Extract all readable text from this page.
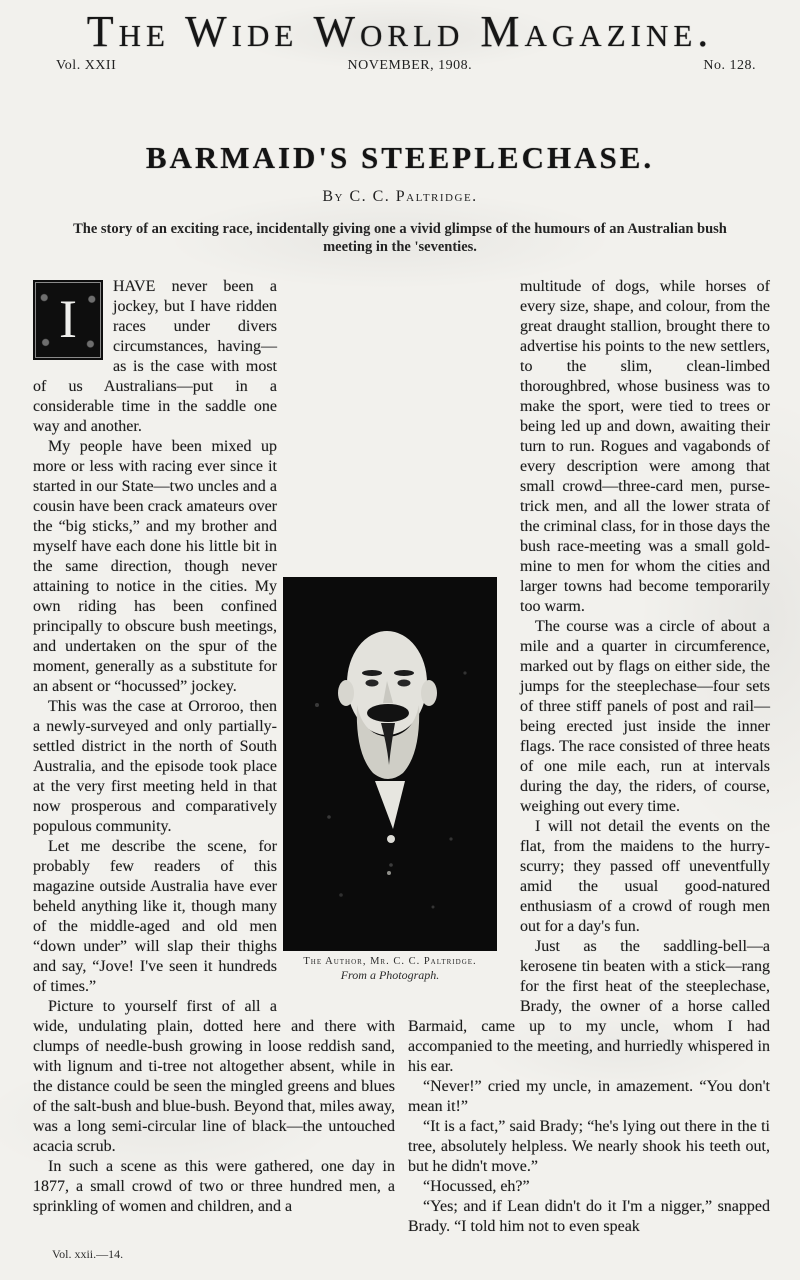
The Wide World Magazine.
Vol. XXII	NOVEMBER, 1908.	No. 128.
BARMAID'S STEEPLECHASE.
By C. C. Paltridge.

The story of an exciting race, incidentally giving one a vivid glimpse of the humours of an Australian bush meeting in the 'seventies.

I
HAVE never been a jockey, but I have ridden races under divers circumstances, having—as is the case with most of us Australians—put in a considerable time in the saddle one way and another.

My people have been mixed up more or less with racing ever since it started in our State—two uncles and a cousin have been crack amateurs over the “big sticks,” and my brother and myself have each done his little bit in the same direction, though never attaining to notice in the cities. My own riding has been confined principally to obscure bush meetings, and undertaken on the spur of the moment, generally as a substitute for an absent or “hocussed” jockey.

This was the case at Orroroo, then a newly-surveyed and only partially-settled district in the north of South Australia, and the episode took place at the very first meeting held in that now prosperous and comparatively populous community.

Let me describe the scene, for probably few readers of this magazine outside Australia have ever beheld anything like it, though many of the middle-aged and old men “down under” will slap their thighs and say, “Jove! I've seen it hundreds of times.”

Picture to yourself first of all a wide, undulating plain, dotted here and there with clumps of needle-bush growing in loose reddish sand, with lignum and ti-tree not altogether absent, while in the distance could be seen the mingled greens and blues of the salt-bush and blue-bush. Beyond that, miles away, was a long semi-circular line of black—the untouched acacia scrub.

In such a scene as this were gathered, one day in 1877, a small crowd of two or three hundred men, a sprinkling of women and children, and a

multitude of dogs, while horses of every size, shape, and colour, from the great draught stallion, brought there to advertise his points to the new settlers, to the slim, clean-limbed thoroughbred, whose business was to make the sport, were tied to trees or being led up and down, awaiting their turn to run. Rogues and vagabonds of every description were among that small crowd—three-card men, purse-trick men, and all the lower strata of the criminal class, for in those days the bush race-meeting was a small gold-mine to men for whom the cities and larger towns had become temporarily too warm.

The course was a circle of about a mile and a quarter in circumference, marked out by flags on either side, the jumps for the steeplechase—four sets of three stiff panels of post and rail—being erected just inside the inner flags. The race consisted of three heats of one mile each, run at intervals during the day, the riders, of course, weighing out every time.

I will not detail the events on the flat, from the maidens to the hurry-scurry; they passed off uneventfully amid the usual good-natured enthusiasm of a crowd of rough men out for a day's fun.

Just as the saddling-bell—a kerosene tin beaten with a stick—rang for the first heat of the steeplechase, Brady, the owner of a horse called Barmaid, came up to my uncle, whom I had accompanied to the meeting, and hurriedly whispered in his ear.

“Never!” cried my uncle, in amazement. “You don't mean it!”

“It is a fact,” said Brady; “he's lying out there in the ti tree, absolutely helpless. We nearly shook his teeth out, but he didn't move.”

“Hocussed, eh?”

“Yes; and if Lean didn't do it I'm a nigger,” snapped Brady. “I told him not to even speak

The Author, Mr. C. C. Paltridge.
From a Photograph.
Vol. xxii.—14.
